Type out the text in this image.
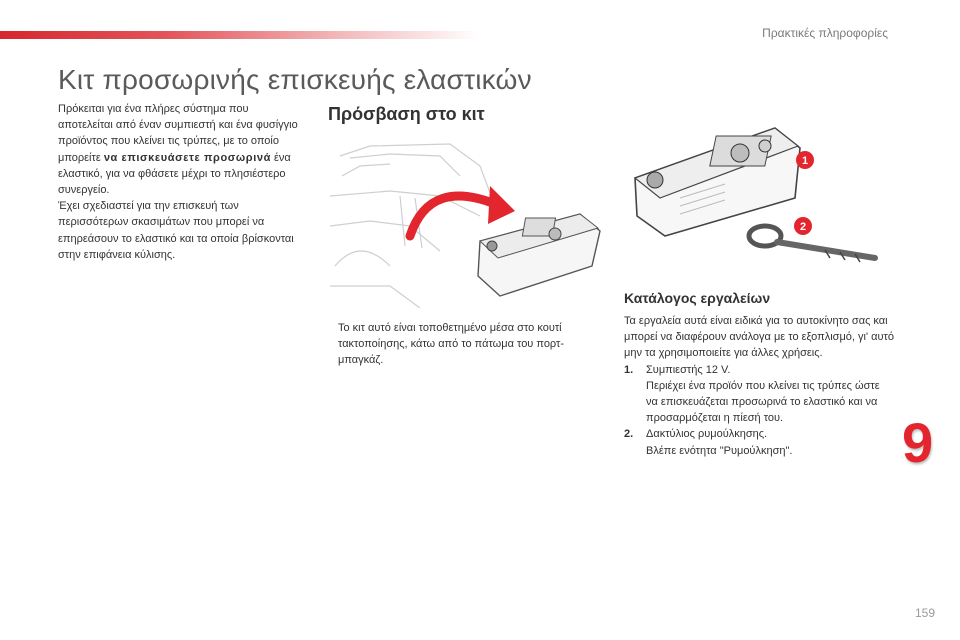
Πρακτικές πληροφορίες
Κιτ προσωρινής επισκευής ελαστικών

Πρόκειται για ένα πλήρες σύστημα που αποτελείται από έναν συμπιεστή και ένα φυσίγγιο προϊόντος που κλείνει τις τρύπες, με το οποίο μπορείτε να επισκευάσετε προσωρινά ένα ελαστικό, για να φθάσετε μέχρι το πλησιέστερο συνεργείο.
Έχει σχεδιαστεί για την επισκευή των περισσότερων σκασιμάτων που μπορεί να επηρεάσουν το ελαστικό και τα οποία βρίσκονται στην επιφάνεια κύλισης.

Πρόσβαση στο κιτ

Το κιτ αυτό είναι τοποθετημένο μέσα στο κουτί τακτοποίησης, κάτω από το πάτωμα του πορτ-μπαγκάζ.

1
2
Κατάλογος εργαλείων

Τα εργαλεία αυτά είναι ειδικά για το αυτοκίνητο σας και μπορεί να διαφέρουν ανάλογα με το εξοπλισμό, γι' αυτό μην τα χρησιμοποιείτε για άλλες χρήσεις.

1. Συμπιεστής 12 V.
Περιέχει ένα προϊόν που κλείνει τις τρύπες ώστε να επισκευάζεται προσωρινά το ελαστικό και να προσαρμόζεται η πίεσή του.
2. Δακτύλιος ρυμούλκησης.
Βλέπε ενότητα "Ρυμούλκηση".	9
159
